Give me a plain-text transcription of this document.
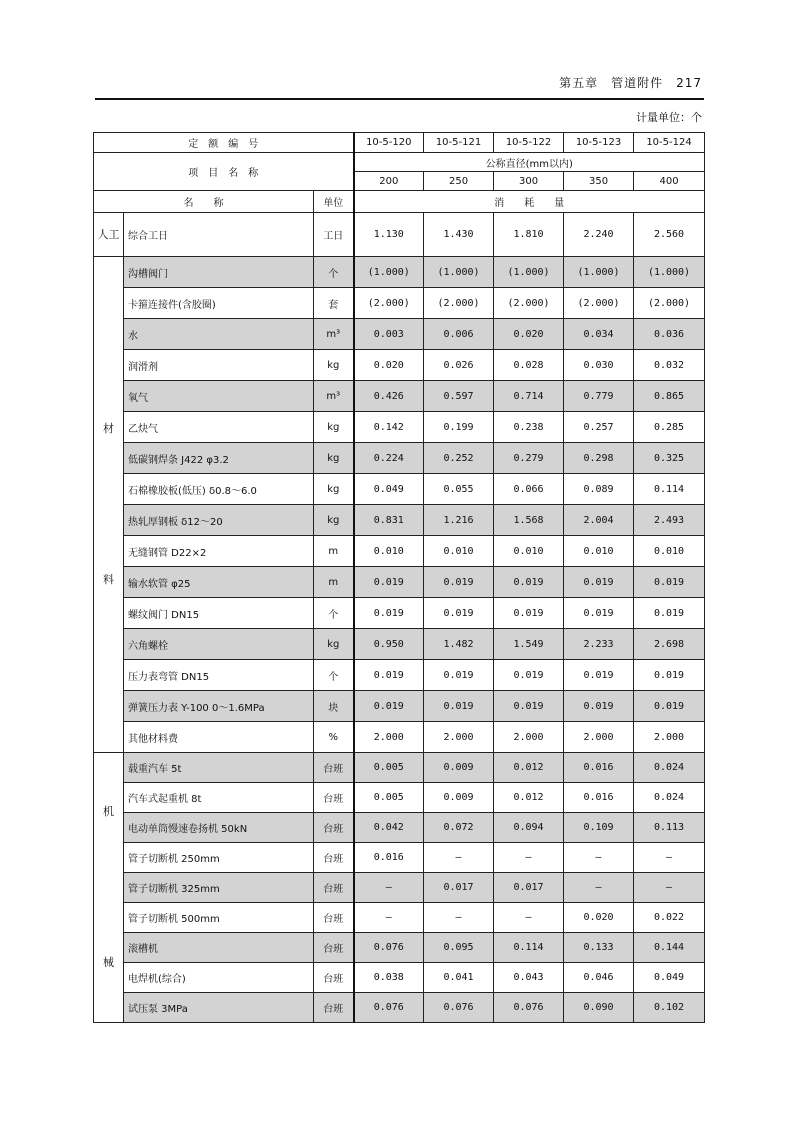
第五章　管道附件　217
计量单位：个
定　额　编　号			10-5-120	10-5-121	10-5-122	10-5-123	10-5-124
项　目　名　称			公称直径(mm以内)				
			200	250	300	350	400
名　　称		单位	消　　耗　　量				
人工	综合工日	工日	1.130	1.430	1.810	2.240	2.560

材
料	沟槽阀门	个	(1.000)	(1.000)	(1.000)	(1.000)	(1.000)
	卡箍连接件(含胶圈)	套	(2.000)	(2.000)	(2.000)	(2.000)	(2.000)
	水	m³	0.003	0.006	0.020	0.034	0.036
	润滑剂	kg	0.020	0.026	0.028	0.030	0.032
	氧气	m³	0.426	0.597	0.714	0.779	0.865
	乙炔气	kg	0.142	0.199	0.238	0.257	0.285
	低碳钢焊条 J422 φ3.2	kg	0.224	0.252	0.279	0.298	0.325
	石棉橡胶板(低压) δ0.8～6.0	kg	0.049	0.055	0.066	0.089	0.114
	热轧厚钢板 δ12～20	kg	0.831	1.216	1.568	2.004	2.493
	无缝钢管 D22×2	m	0.010	0.010	0.010	0.010	0.010
	输水软管 φ25	m	0.019	0.019	0.019	0.019	0.019
	螺纹阀门 DN15	个	0.019	0.019	0.019	0.019	0.019
	六角螺栓	kg	0.950	1.482	1.549	2.233	2.698
	压力表弯管 DN15	个	0.019	0.019	0.019	0.019	0.019
	弹簧压力表 Y-100 0～1.6MPa	块	0.019	0.019	0.019	0.019	0.019
	其他材料费	%	2.000	2.000	2.000	2.000	2.000

机
械	载重汽车 5t	台班	0.005	0.009	0.012	0.016	0.024
	汽车式起重机 8t	台班	0.005	0.009	0.012	0.016	0.024
	电动单筒慢速卷扬机 50kN	台班	0.042	0.072	0.094	0.109	0.113
	管子切断机 250mm	台班	0.016	—	—	—	—
	管子切断机 325mm	台班	—	0.017	0.017	—	—
	管子切断机 500mm	台班	—	—	—	0.020	0.022
	滚槽机	台班	0.076	0.095	0.114	0.133	0.144
	电焊机(综合)	台班	0.038	0.041	0.043	0.046	0.049
	试压泵 3MPa	台班	0.076	0.076	0.076	0.090	0.102
